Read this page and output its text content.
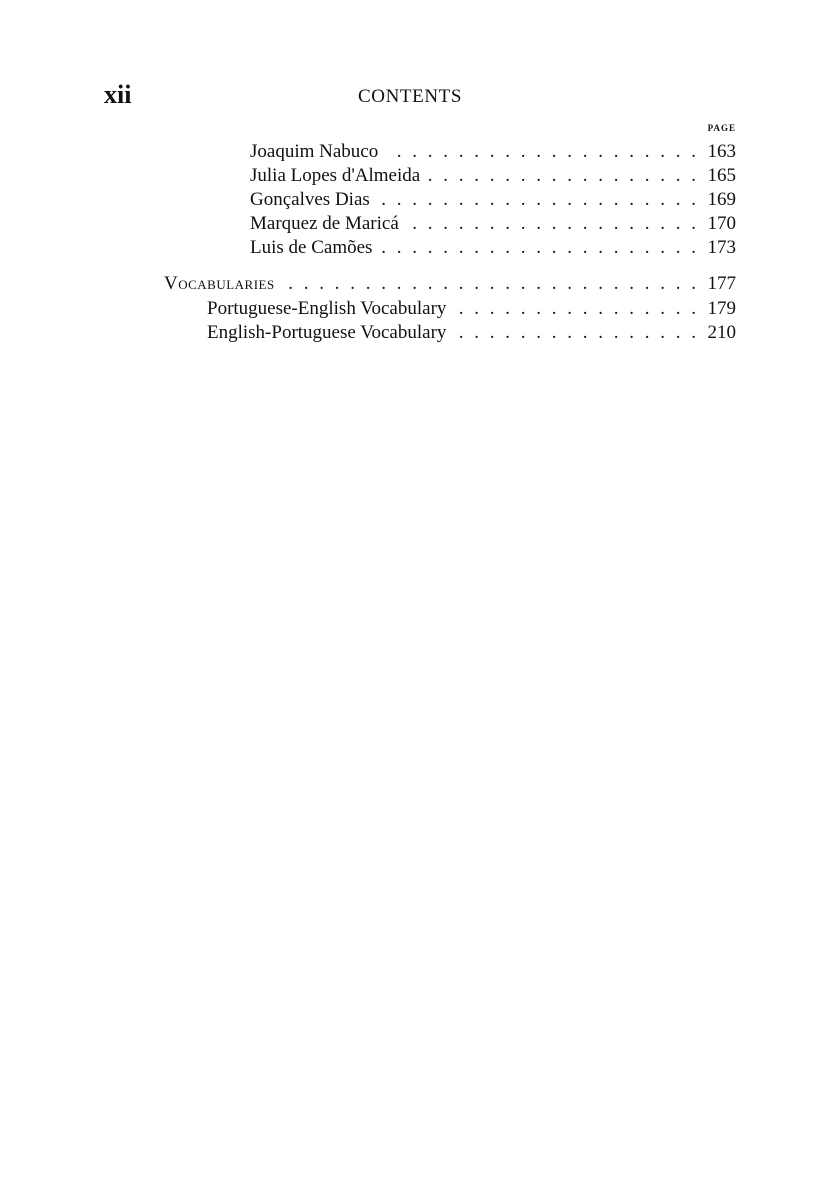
xii	CONTENTS
PAGE
Joaquim Nabuco . . .	163
Julia Lopes d'Almeida . . .	165
Gonçalves Dias . . .	169
Marquez de Maricá . . .	170
Luis de Camões . . .	173
Vocabularies . . .	177
Portuguese-English Vocabulary . . .	179
English-Portuguese Vocabulary . . .	210
